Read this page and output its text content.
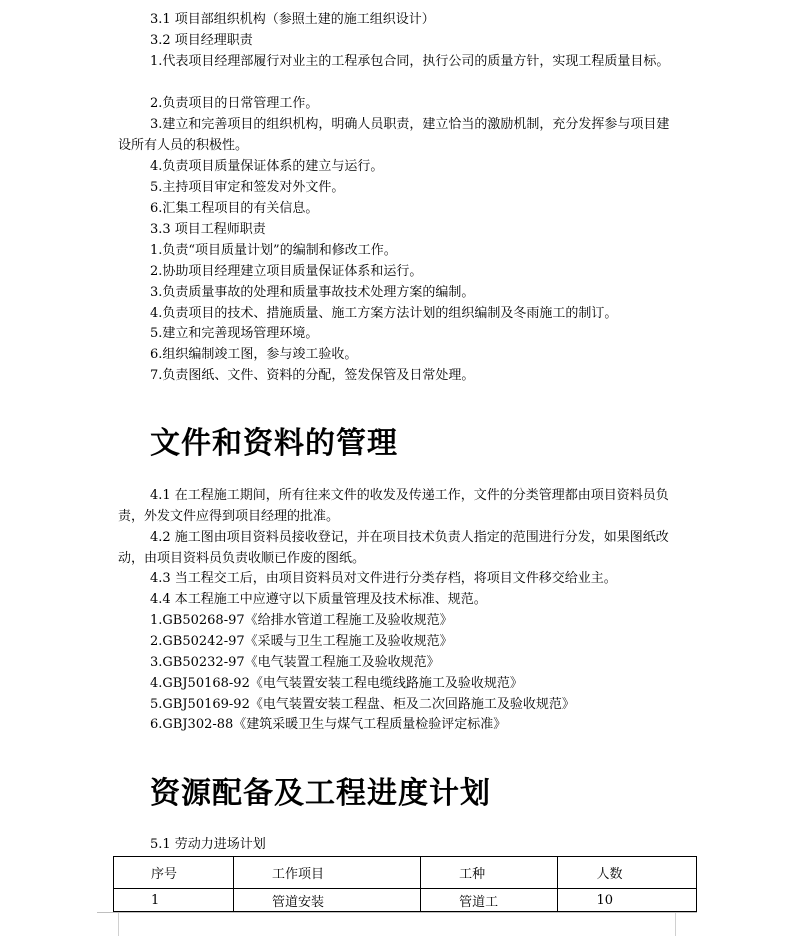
3.1 项目部组织机构（参照土建的施工组织设计）

3.2 项目经理职责

1.代表项目经理部履行对业主的工程承包合同，执行公司的质量方针，实现工程质量目标。

2.负责项目的日常管理工作。

3.建立和完善项目的组织机构，明确人员职责，建立恰当的激励机制，充分发挥参与项目建设所有人员的积极性。

4.负责项目质量保证体系的建立与运行。

5.主持项目审定和签发对外文件。

6.汇集工程项目的有关信息。

3.3 项目工程师职责

1.负责“项目质量计划”的编制和修改工作。

2.协助项目经理建立项目质量保证体系和运行。

3.负责质量事故的处理和质量事故技术处理方案的编制。

4.负责项目的技术、措施质量、施工方案方法计划的组织编制及冬雨施工的制订。

5.建立和完善现场管理环境。

6.组织编制竣工图，参与竣工验收。

7.负责图纸、文件、资料的分配，签发保管及日常处理。

文件和资料的管理

4.1 在工程施工期间，所有往来文件的收发及传递工作，文件的分类管理都由项目资料员负责，外发文件应得到项目经理的批准。

4.2 施工图由项目资料员接收登记，并在项目技术负责人指定的范围进行分发，如果图纸改动，由项目资料员负责收顺已作废的图纸。

4.3 当工程交工后，由项目资料员对文件进行分类存档，将项目文件移交给业主。

4.4 本工程施工中应遵守以下质量管理及技术标准、规范。

1.GB50268-97《给排水管道工程施工及验收规范》

2.GB50242-97《采暖与卫生工程施工及验收规范》

3.GB50232-97《电气装置工程施工及验收规范》

4.GBJ50168-92《电气装置安装工程电缆线路施工及验收规范》

5.GBJ50169-92《电气装置安装工程盘、柜及二次回路施工及验收规范》

6.GBJ302-88《建筑采暖卫生与煤气工程质量检验评定标准》

资源配备及工程进度计划

5.1 劳动力进场计划

序号	工作项目	工种	人数
1	管道安装	管道工	10
